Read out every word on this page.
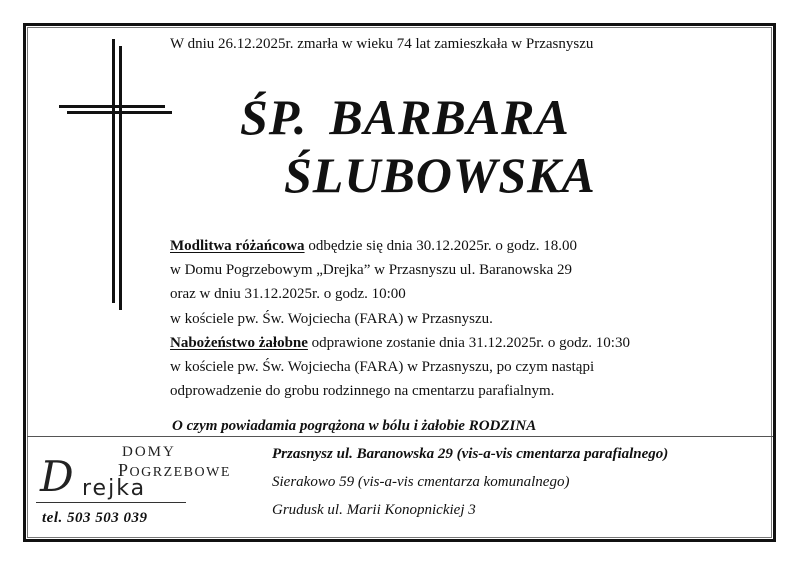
W dniu 26.12.2025r. zmarła w wieku 74 lat zamieszkała w Przasnyszu
ŚP. BARBARA
ŚLUBOWSKA
Modlitwa różańcowa odbędzie się dnia 30.12.2025r. o godz. 18.00
w Domu Pogrzebowym „Drejka” w Przasnyszu ul. Baranowska 29
oraz w dniu 31.12.2025r. o godz. 10:00
w kościele pw. Św. Wojciecha (FARA) w Przasnyszu.
Nabożeństwo żałobne odprawione zostanie dnia 31.12.2025r. o godz. 10:30
w kościele pw. Św. Wojciecha (FARA) w Przasnyszu, po czym nastąpi
odprowadzenie do grobu rodzinnego na cmentarzu parafialnym.
O czym powiadamia pogrążona w bólu i żałobie RODZINA
DOMY
POGRZEBOWE
D rejka
tel. 503 503 039
Przasnysz ul. Baranowska 29 (vis-a-vis cmentarza parafialnego)
Sierakowo 59 (vis-a-vis cmentarza komunalnego)
Grudusk ul. Marii Konopnickiej 3
